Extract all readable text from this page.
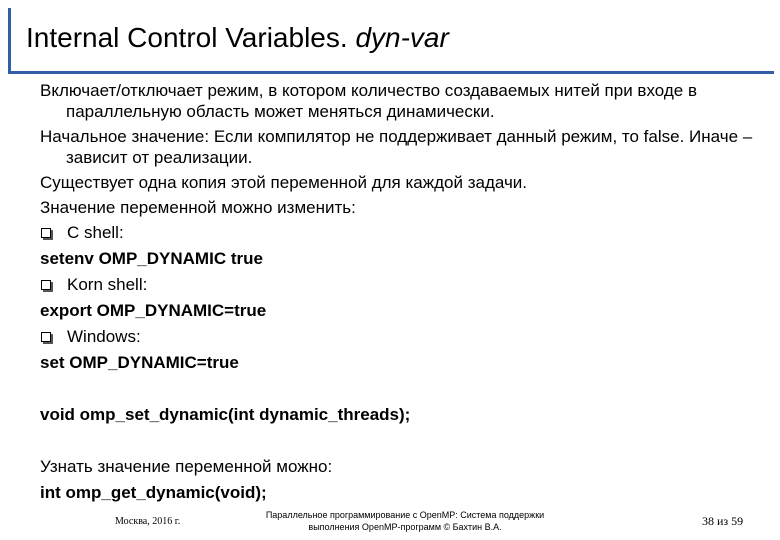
Internal Control Variables. dyn-var

Включает/отключает режим, в котором количество создаваемых нитей при входе в параллельную область может меняться динамически.

Начальное значение: Если компилятор не поддерживает данный режим, то false. Иначе – зависит от реализации.

Существует одна копия этой переменной для каждой задачи.

Значение переменной можно изменить:

C shell:
setenv OMP_DYNAMIC true
Korn shell:
export OMP_DYNAMIC=true
Windows:
set OMP_DYNAMIC=true
void omp_set_dynamic(int dynamic_threads);
Узнать значение переменной можно:
int omp_get_dynamic(void);
Москва, 2016 г.
Параллельное программирование с OpenMP: Система поддержки
выполнения OpenMP-программ © Бахтин В.А.	38 из 59
